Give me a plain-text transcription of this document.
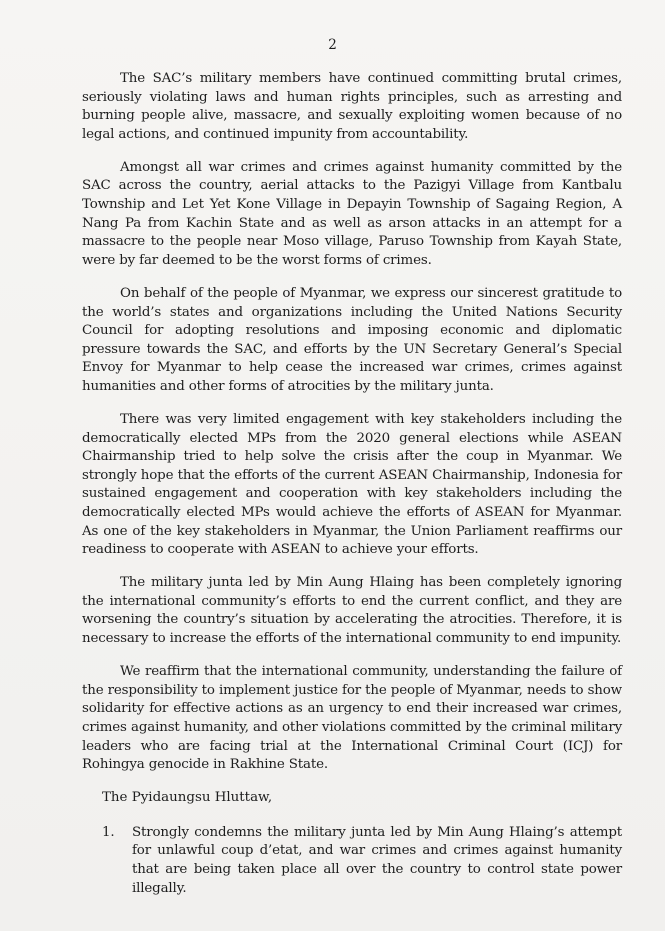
2

The SAC’s military members have continued committing brutal crimes, seriously violating laws and human rights principles, such as arresting and burning people alive, massacre, and sexually exploiting women because of no legal actions, and continued impunity from accountability.

Amongst all war crimes and crimes against humanity committed by the SAC across the country, aerial attacks to the Pazigyi Village from Kantbalu Township and Let Yet Kone Village in Depayin Township of Sagaing Region, A Nang Pa from Kachin State and as well as arson attacks in an attempt for a massacre to the people near Moso village, Paruso Township from Kayah State, were by far deemed to be the worst forms of crimes.

On behalf of the people of Myanmar, we express our sincerest gratitude to the world’s states and organizations including the United Nations Security Council for adopting resolutions and imposing economic and diplomatic pressure towards the SAC, and efforts by the UN Secretary General’s Special Envoy for Myanmar to help cease the increased war crimes, crimes against humanities and other forms of atrocities by the military junta.

There was very limited engagement with key stakeholders including the democratically elected MPs from the 2020 general elections while ASEAN Chairmanship tried to help solve the crisis after the coup in Myanmar. We strongly hope that the efforts of the current ASEAN Chairmanship, Indonesia for sustained engagement and cooperation with key stakeholders including the democratically elected MPs would achieve the efforts of ASEAN for Myanmar. As one of the key stakeholders in Myanmar, the Union Parliament reaffirms our readiness to cooperate with ASEAN to achieve your efforts.

The military junta led by Min Aung Hlaing has been completely ignoring the international community’s efforts to end the current conflict, and they are worsening the country’s situation by accelerating the atrocities. Therefore, it is necessary to increase the efforts of the international community to end impunity.

We reaffirm that the international community, understanding the failure of the responsibility to implement justice for the people of Myanmar, needs to show solidarity for effective actions as an urgency to end their increased war crimes, crimes against humanity, and other violations committed by the criminal military leaders who are facing trial at the International Criminal Court (ICJ) for Rohingya genocide in Rakhine State.

The Pyidaungsu Hluttaw,

1. Strongly condemns the military junta led by Min Aung Hlaing’s attempt for unlawful coup d’etat, and war crimes and crimes against humanity that are being taken place all over the country to control state power illegally.
